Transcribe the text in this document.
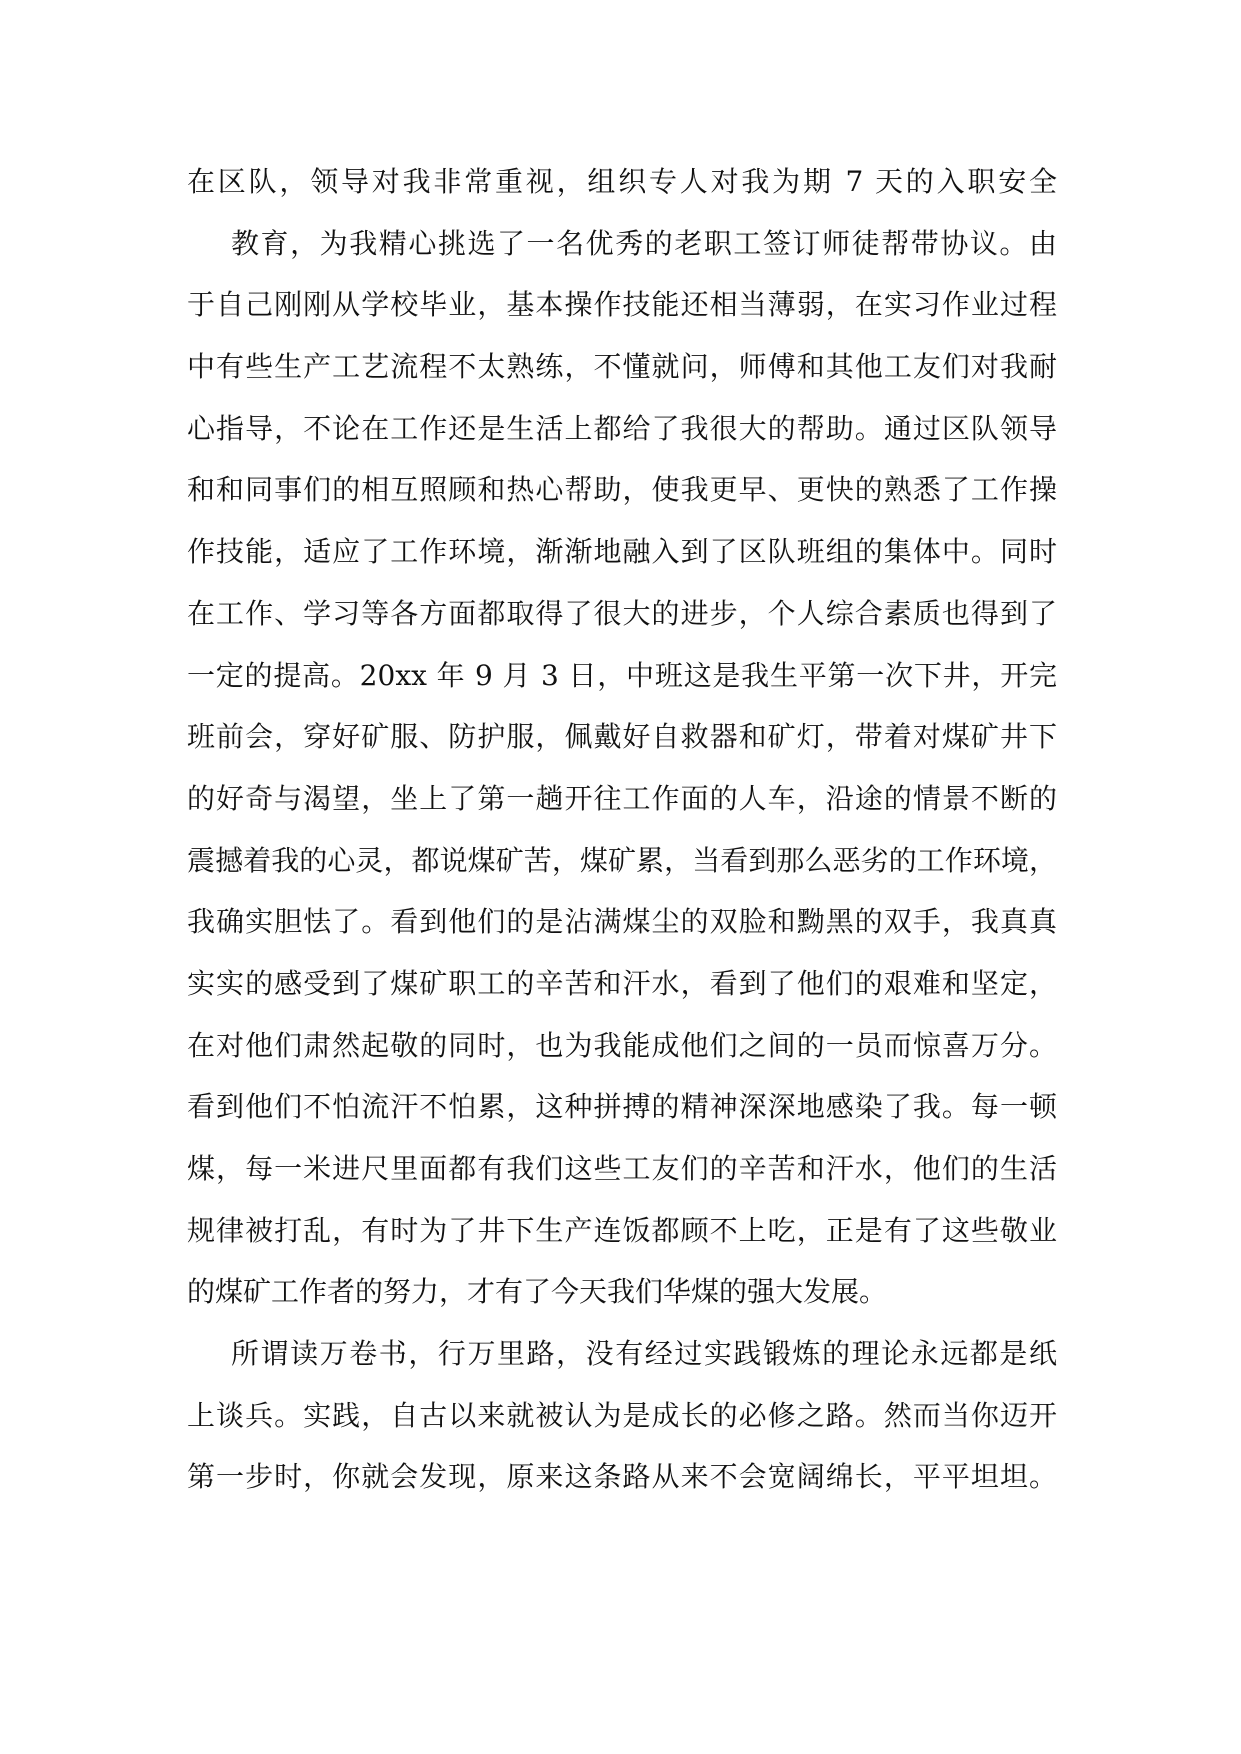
在区队，领导对我非常重视，组织专人对我为期 7 天的入职安全
教育，为我精心挑选了一名优秀的老职工签订师徒帮带协议。由
于自己刚刚从学校毕业，基本操作技能还相当薄弱，在实习作业过程
中有些生产工艺流程不太熟练，不懂就问，师傅和其他工友们对我耐
心指导，不论在工作还是生活上都给了我很大的帮助。通过区队领导
和和同事们的相互照顾和热心帮助，使我更早、更快的熟悉了工作操
作技能，适应了工作环境，渐渐地融入到了区队班组的集体中。同时
在工作、学习等各方面都取得了很大的进步，个人综合素质也得到了
一定的提高。20xx 年 9 月 3 日，中班这是我生平第一次下井，开完
班前会，穿好矿服、防护服，佩戴好自救器和矿灯，带着对煤矿井下
的好奇与渴望，坐上了第一趟开往工作面的人车，沿途的情景不断的
震撼着我的心灵，都说煤矿苦，煤矿累，当看到那么恶劣的工作环境，
我确实胆怯了。看到他们的是沾满煤尘的双脸和黝黑的双手，我真真
实实的感受到了煤矿职工的辛苦和汗水，看到了他们的艰难和坚定，
在对他们肃然起敬的同时，也为我能成他们之间的一员而惊喜万分。
看到他们不怕流汗不怕累，这种拼搏的精神深深地感染了我。每一顿
煤，每一米进尺里面都有我们这些工友们的辛苦和汗水，他们的生活
规律被打乱，有时为了井下生产连饭都顾不上吃，正是有了这些敬业
的煤矿工作者的努力，才有了今天我们华煤的强大发展。
所谓读万卷书，行万里路，没有经过实践锻炼的理论永远都是纸
上谈兵。实践，自古以来就被认为是成长的必修之路。然而当你迈开
第一步时，你就会发现，原来这条路从来不会宽阔绵长，平平坦坦。
